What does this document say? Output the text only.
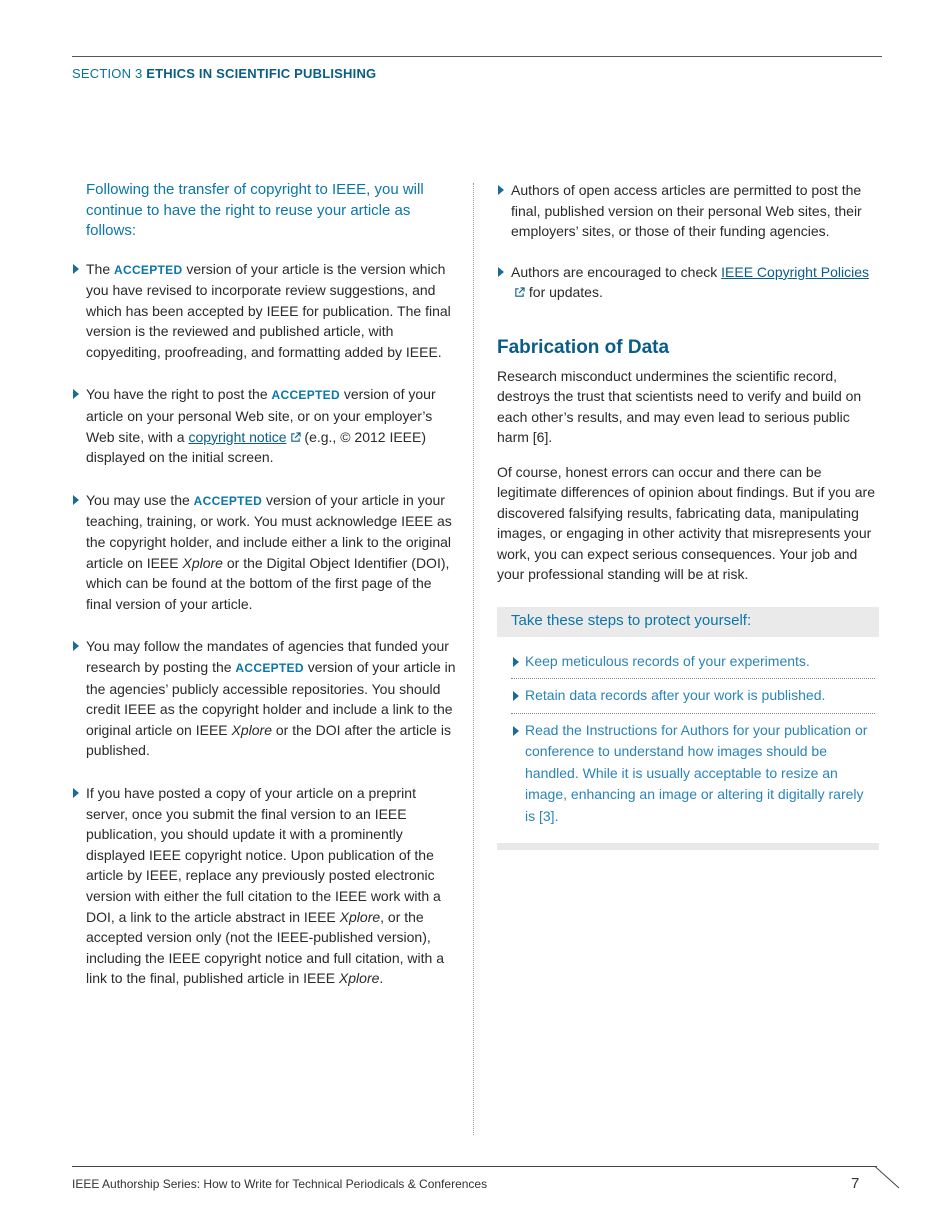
SECTION 3 ETHICS IN SCIENTIFIC PUBLISHING

Following the transfer of copyright to IEEE, you will continue to have the right to reuse your article as follows:

The ACCEPTED version of your article is the version which you have revised to incorporate review suggestions, and which has been accepted by IEEE for publication. The final version is the reviewed and published article, with copyediting, proofreading, and formatting added by IEEE.
You have the right to post the ACCEPTED version of your article on your personal Web site, or on your employer’s Web site, with a copyright notice (e.g., © 2012 IEEE) displayed on the initial screen.
You may use the ACCEPTED version of your article in your teaching, training, or work. You must acknowledge IEEE as the copyright holder, and include either a link to the original article on IEEE Xplore or the Digital Object Identifier (DOI), which can be found at the bottom of the first page of the final version of your article.
You may follow the mandates of agencies that funded your research by posting the ACCEPTED version of your article in the agencies’ publicly accessible repositories. You should credit IEEE as the copyright holder and include a link to the original article on IEEE Xplore or the DOI after the article is published.
If you have posted a copy of your article on a preprint server, once you submit the final version to an IEEE publication, you should update it with a prominently displayed IEEE copyright notice. Upon publication of the article by IEEE, replace any previously posted electronic version with either the full citation to the IEEE work with a DOI, a link to the article abstract in IEEE Xplore, or the accepted version only (not the IEEE-published version), including the IEEE copyright notice and full citation, with a link to the final, published article in IEEE Xplore.
Authors of open access articles are permitted to post the final, published version on their personal Web sites, their employers’ sites, or those of their funding agencies.
Authors are encouraged to check IEEE Copyright Policies for updates.
Fabrication of Data

Research misconduct undermines the scientific record, destroys the trust that scientists need to verify and build on each other’s results, and may even lead to serious public harm [6].

Of course, honest errors can occur and there can be legitimate differences of opinion about findings. But if you are discovered falsifying results, fabricating data, manipulating images, or engaging in other activity that misrepresents your work, you can expect serious consequences. Your job and your professional standing will be at risk.

Take these steps to protect yourself:
Keep meticulous records of your experiments.
Retain data records after your work is published.
Read the Instructions for Authors for your publication or conference to understand how images should be handled. While it is usually acceptable to resize an image, enhancing an image or altering it digitally rarely is [3].
IEEE Authorship Series: How to Write for Technical Periodicals & Conferences	7
